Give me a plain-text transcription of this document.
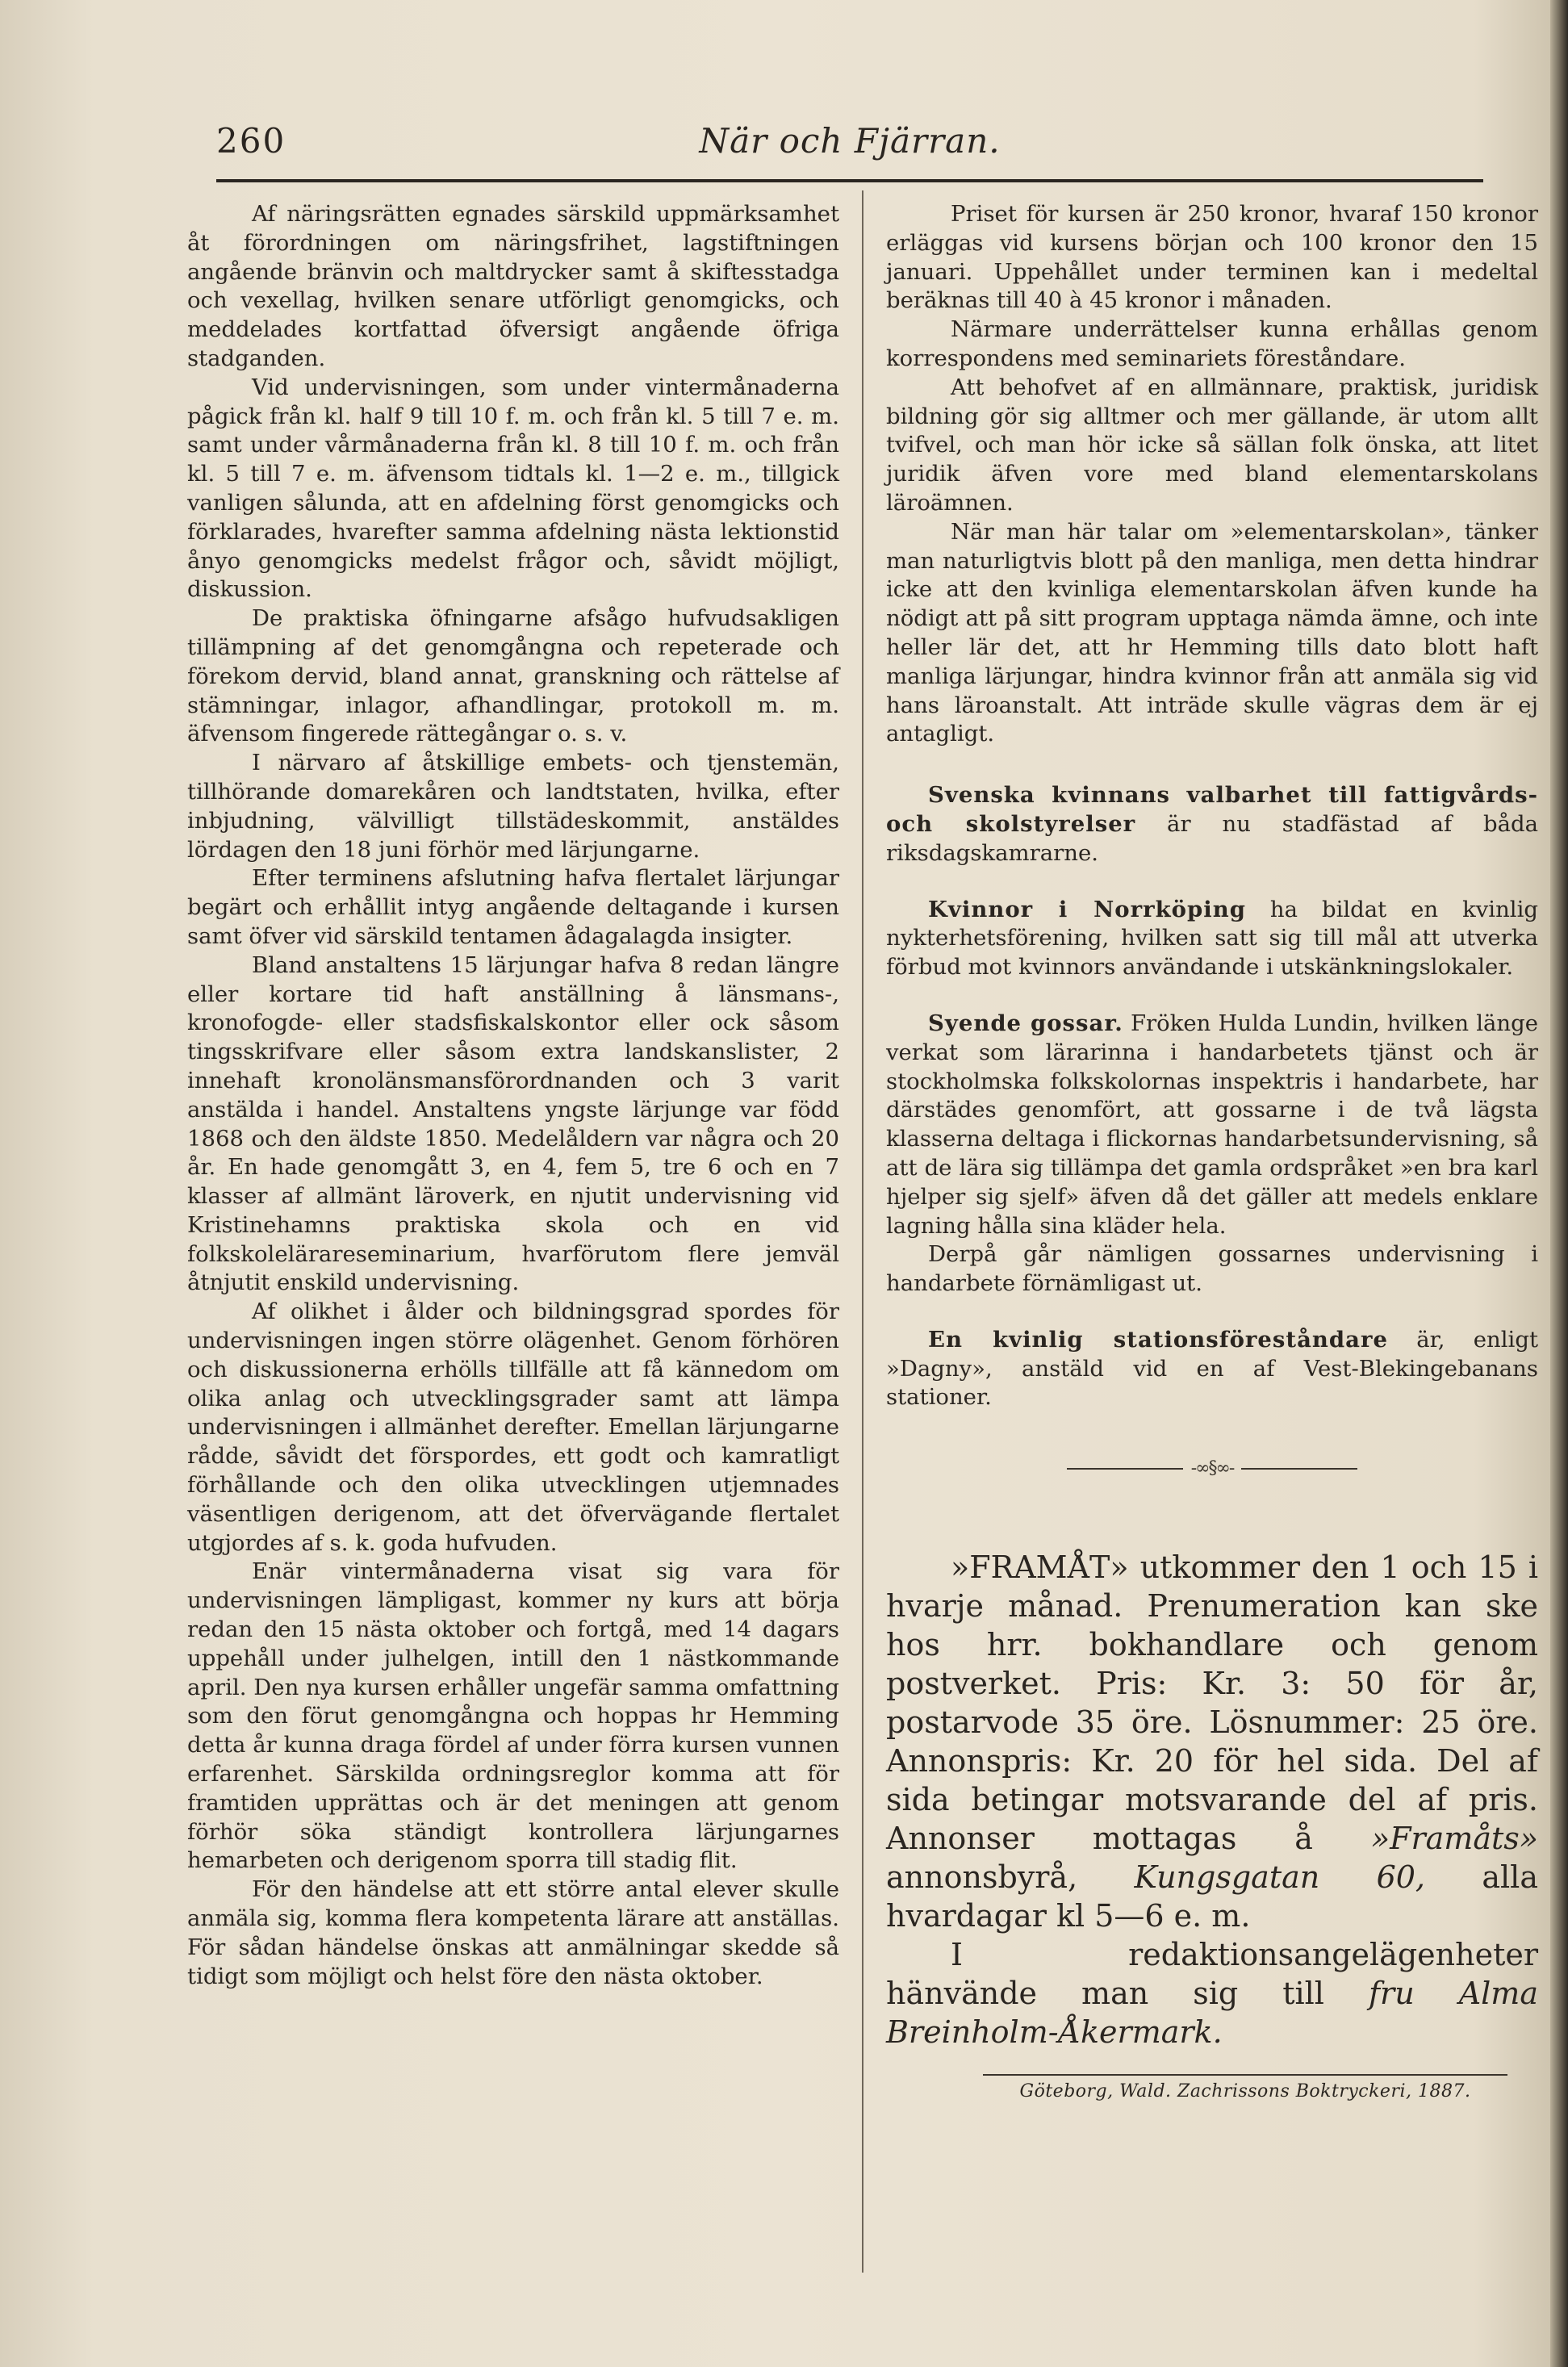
260	När och Fjärran.

Af näringsrätten egnades särskild uppmärksamhet åt förordningen om näringsfrihet, lagstiftningen angående bränvin och maltdrycker samt å skiftesstadga och vexellag, hvilken senare utförligt genomgicks, och meddelades kortfattad öfversigt angående öfriga stadganden.

Vid undervisningen, som under vintermånaderna pågick från kl. half 9 till 10 f. m. och från kl. 5 till 7 e. m. samt under vårmånaderna från kl. 8 till 10 f. m. och från kl. 5 till 7 e. m. äfvensom tidtals kl. 1—2 e. m., tillgick vanligen sålunda, att en afdelning först genomgicks och förklarades, hvarefter samma afdelning nästa lektionstid ånyo genomgicks medelst frågor och, såvidt möjligt, diskussion.

De praktiska öfningarne afsågo hufvudsakligen tillämpning af det genomgångna och repeterade och förekom dervid, bland annat, granskning och rättelse af stämningar, inlagor, afhandlingar, protokoll m. m. äfvensom fingerede rättegångar o. s. v.

I närvaro af åtskillige embets- och tjenstemän, tillhörande domarekåren och landtstaten, hvilka, efter inbjudning, välvilligt tillstädeskommit, anstäldes lördagen den 18 juni förhör med lärjungarne.

Efter terminens afslutning hafva flertalet lärjungar begärt och erhållit intyg angående deltagande i kursen samt öfver vid särskild tentamen ådagalagda insigter.

Bland anstaltens 15 lärjungar hafva 8 redan längre eller kortare tid haft anställning å länsmans-, kronofogde- eller stadsfiskalskontor eller ock såsom tingsskrifvare eller såsom extra landskanslister, 2 innehaft kronolänsmansförordnanden och 3 varit anstälda i handel. Anstaltens yngste lärjunge var född 1868 och den äldste 1850. Medelåldern var några och 20 år. En hade genomgått 3, en 4, fem 5, tre 6 och en 7 klasser af allmänt läroverk, en njutit undervisning vid Kristinehamns praktiska skola och en vid folkskolelärareseminarium, hvarförutom flere jemväl åtnjutit enskild undervisning.

Af olikhet i ålder och bildningsgrad spordes för undervisningen ingen större olägenhet. Genom förhören och diskussionerna erhölls tillfälle att få kännedom om olika anlag och utvecklingsgrader samt att lämpa undervisningen i allmänhet derefter. Emellan lärjungarne rådde, såvidt det förspordes, ett godt och kamratligt förhållande och den olika utvecklingen utjemnades väsentligen derigenom, att det öfvervägande flertalet utgjordes af s. k. goda hufvuden.

Enär vintermånaderna visat sig vara för undervisningen lämpligast, kommer ny kurs att börja redan den 15 nästa oktober och fortgå, med 14 dagars uppehåll under julhelgen, intill den 1 nästkommande april. Den nya kursen erhåller ungefär samma omfattning som den förut genomgångna och hoppas hr Hemming detta år kunna draga fördel af under förra kursen vunnen erfarenhet. Särskilda ordningsreglor komma att för framtiden upprättas och är det meningen att genom förhör söka ständigt kontrollera lärjungarnes hemarbeten och derigenom sporra till stadig flit.

För den händelse att ett större antal elever skulle anmäla sig, komma flera kompetenta lärare att anställas. För sådan händelse önskas att anmälningar skedde så tidigt som möjligt och helst före den nästa oktober.

Priset för kursen är 250 kronor, hvaraf 150 kronor erläggas vid kursens början och 100 kronor den 15 januari. Uppehållet under terminen kan i medeltal beräknas till 40 à 45 kronor i månaden.

Närmare underrättelser kunna erhållas genom korrespondens med seminariets föreståndare.

Att behofvet af en allmännare, praktisk, juridisk bildning gör sig alltmer och mer gällande, är utom allt tvifvel, och man hör icke så sällan folk önska, att litet juridik äfven vore med bland elementarskolans läroämnen.

När man här talar om »elementarskolan», tänker man naturligtvis blott på den manliga, men detta hindrar icke att den kvinliga elementarskolan äfven kunde ha nödigt att på sitt program upptaga nämda ämne, och inte heller lär det, att hr Hemming tills dato blott haft manliga lärjungar, hindra kvinnor från att anmäla sig vid hans läroanstalt. Att inträde skulle vägras dem är ej antagligt.

Svenska kvinnans valbarhet till fattigvårds- och skolstyrelser är nu stadfästad af båda riksdagskamrarne.

Kvinnor i Norrköping ha bildat en kvinlig nykterhetsförening, hvilken satt sig till mål att utverka förbud mot kvinnors användande i utskänkningslokaler.

Syende gossar. Fröken Hulda Lundin, hvilken länge verkat som lärarinna i handarbetets tjänst och är stockholmska folkskolornas inspektris i handarbete, har därstädes genomfört, att gossarne i de två lägsta klasserna deltaga i flickornas handarbetsundervisning, så att de lära sig tillämpa det gamla ordspråket »en bra karl hjelper sig sjelf» äfven då det gäller att medels enklare lagning hålla sina kläder hela.

Derpå går nämligen gossarnes undervisning i handarbete förnämligast ut.

En kvinlig stationsföreståndare är, enligt »Dagny», anstäld vid en af Vest-Blekingebanans stationer.

-∞§∞-

»FRAMÅT» utkommer den 1 och 15 i hvarje månad. Prenumeration kan ske hos hrr. bokhandlare och genom postverket. Pris: Kr. 3: 50 för år, postarvode 35 öre. Lösnummer: 25 öre. Annonspris: Kr. 20 för hel sida. Del af sida betingar motsvarande del af pris. Annonser mottagas å »Framåts» annonsbyrå, Kungsgatan 60, alla hvardagar kl 5—6 e. m.

I redaktionsangelägenheter hänvände man sig till fru Alma Breinholm-Åkermark.

Göteborg, Wald. Zachrissons Boktryckeri, 1887.
